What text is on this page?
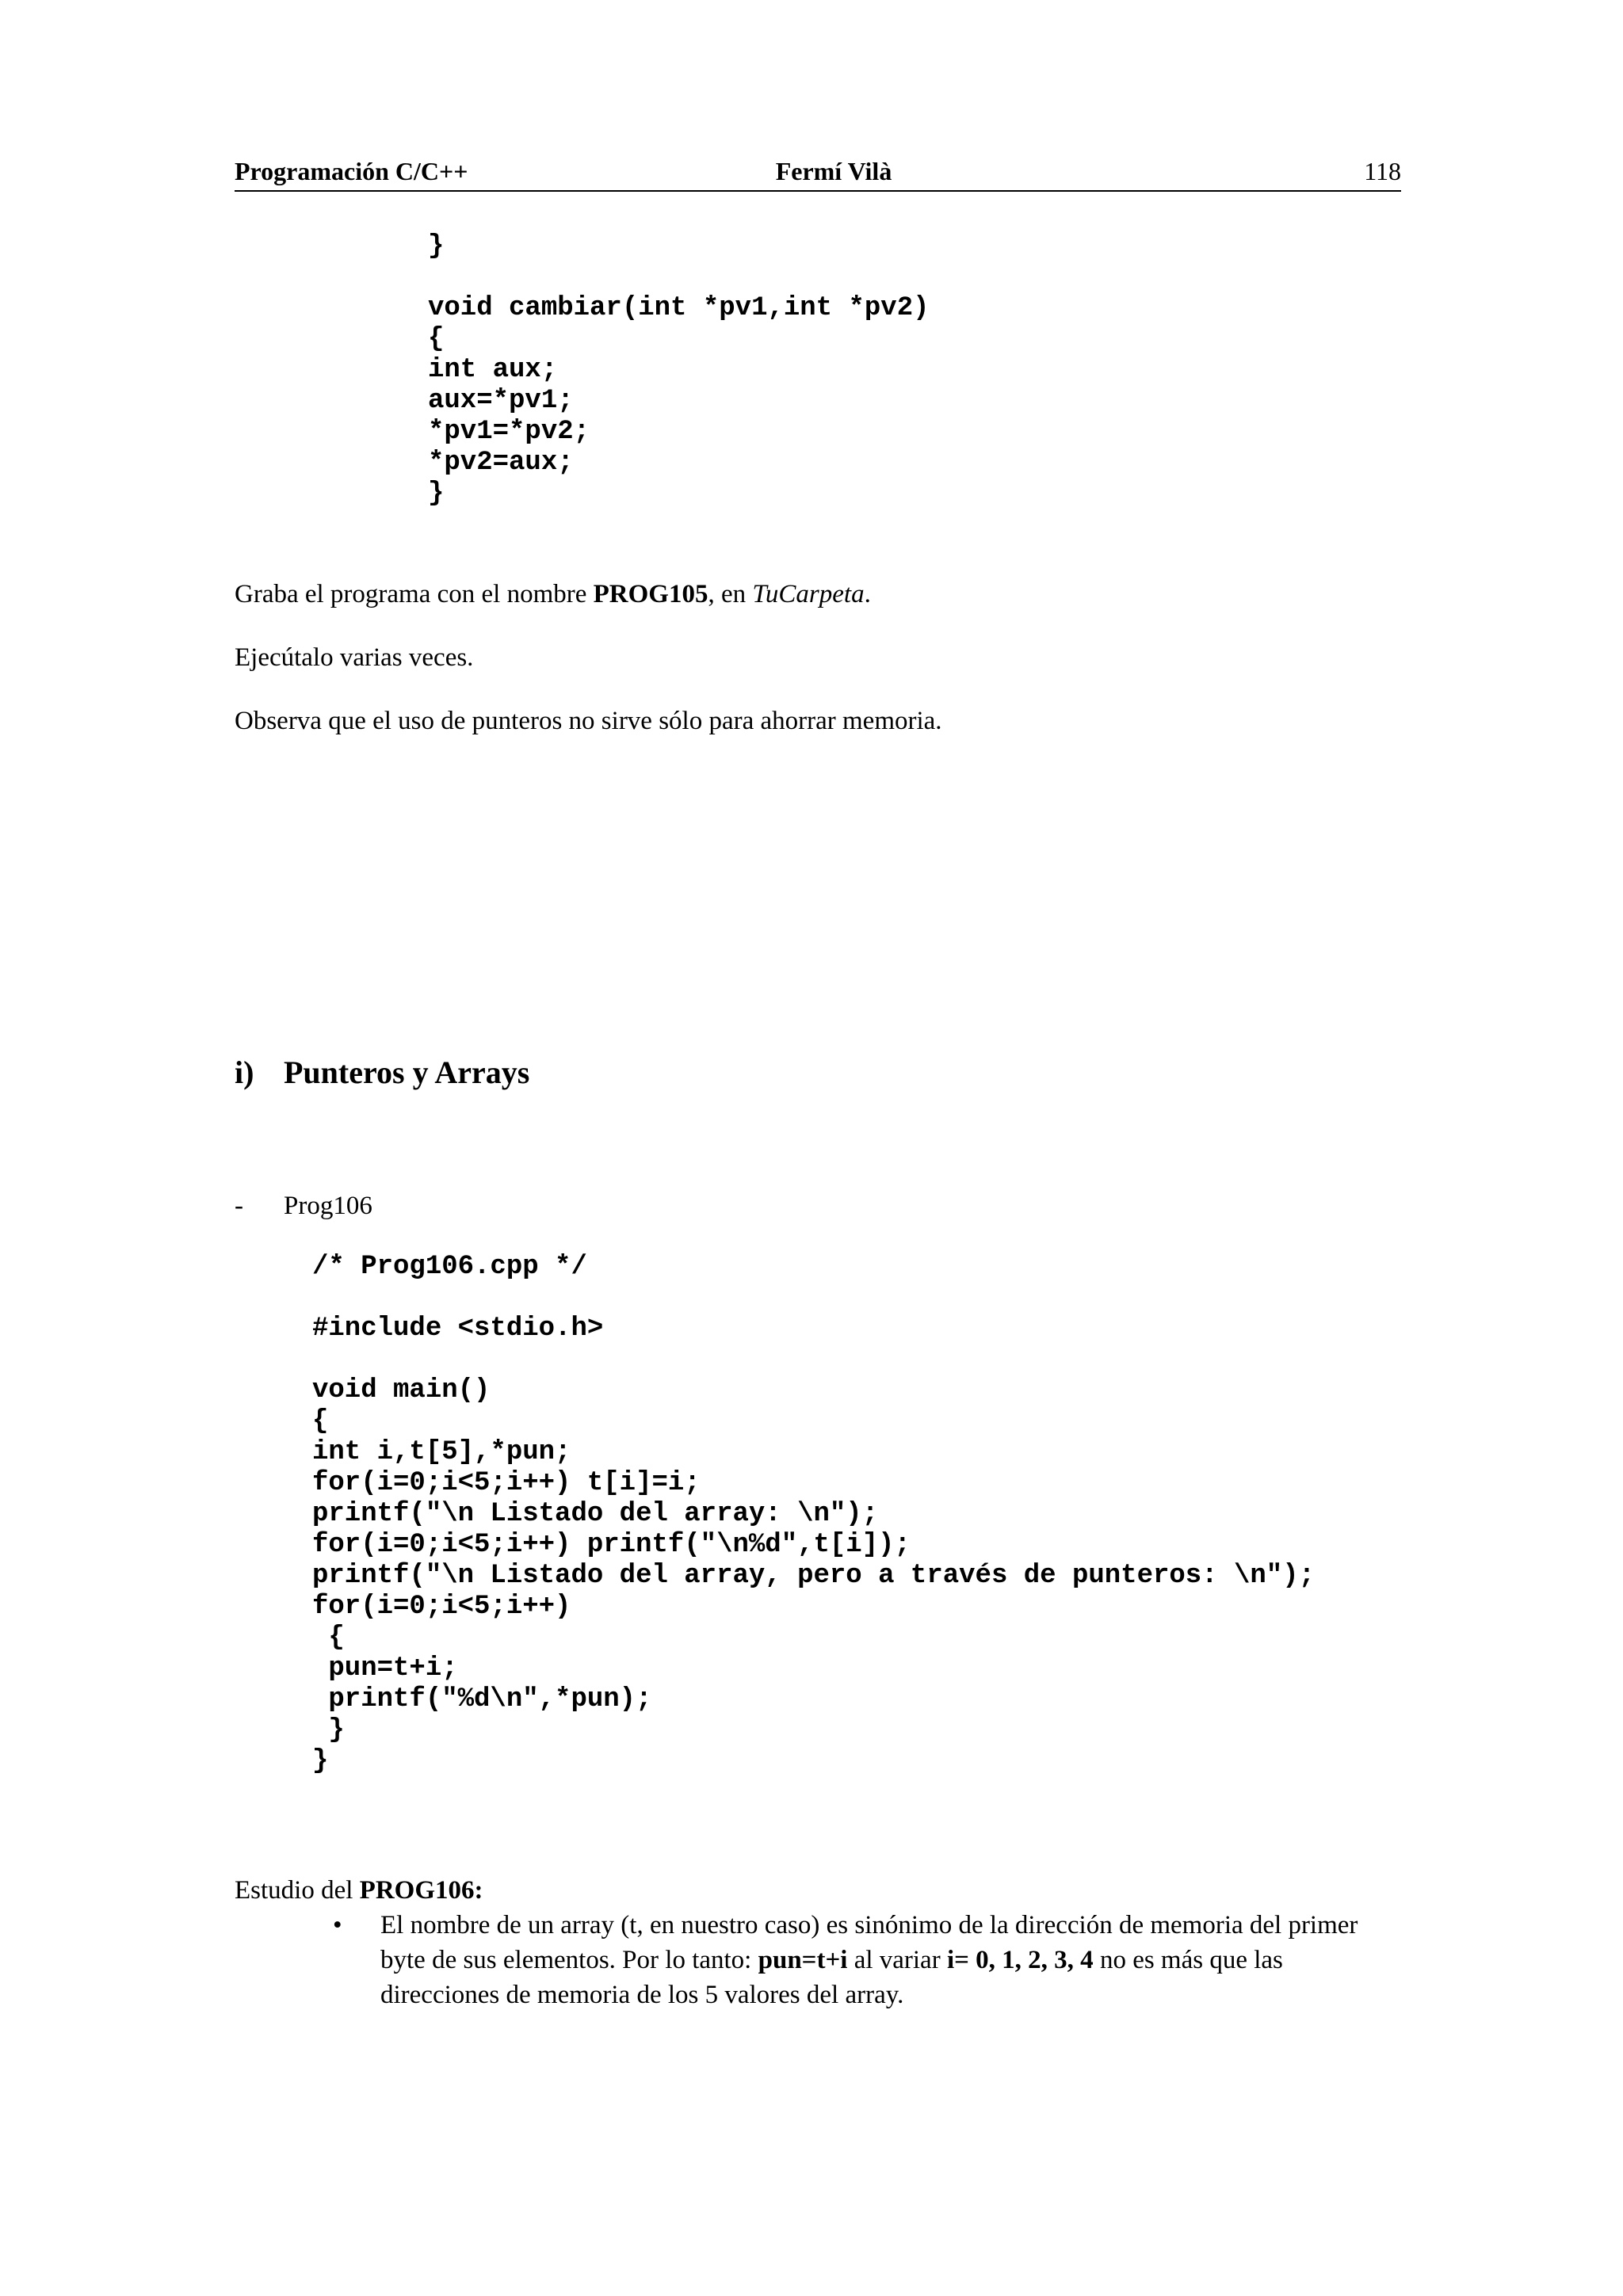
Programación C/C++	Fermí Vilà	118
}
void cambiar(int *pv1,int *pv2)
{
int aux;
aux=*pv1;
*pv1=*pv2;
*pv2=aux;
}
Graba el programa con el nombre PROG105, en TuCarpeta.
Ejecútalo varias veces.
Observa que el uso de punteros no sirve sólo para ahorrar memoria.
i) Punteros y Arrays
- Prog106
/* Prog106.cpp */
#include <stdio.h>
void main()
{
int i,t[5],*pun;
for(i=0;i<5;i++) t[i]=i;
printf("\n Listado del array: \n");
for(i=0;i<5;i++) printf("\n%d",t[i]);
printf("\n Listado del array, pero a través de punteros: \n");
for(i=0;i<5;i++)
{
pun=t+i;
printf("%d\n",*pun);
}
}
Estudio del PROG106:
• El nombre de un array (t, en nuestro caso) es sinónimo de la dirección de memoria del primer byte de sus elementos. Por lo tanto: pun=t+i al variar i= 0, 1, 2, 3, 4 no es más que las direcciones de memoria de los 5 valores del array.
